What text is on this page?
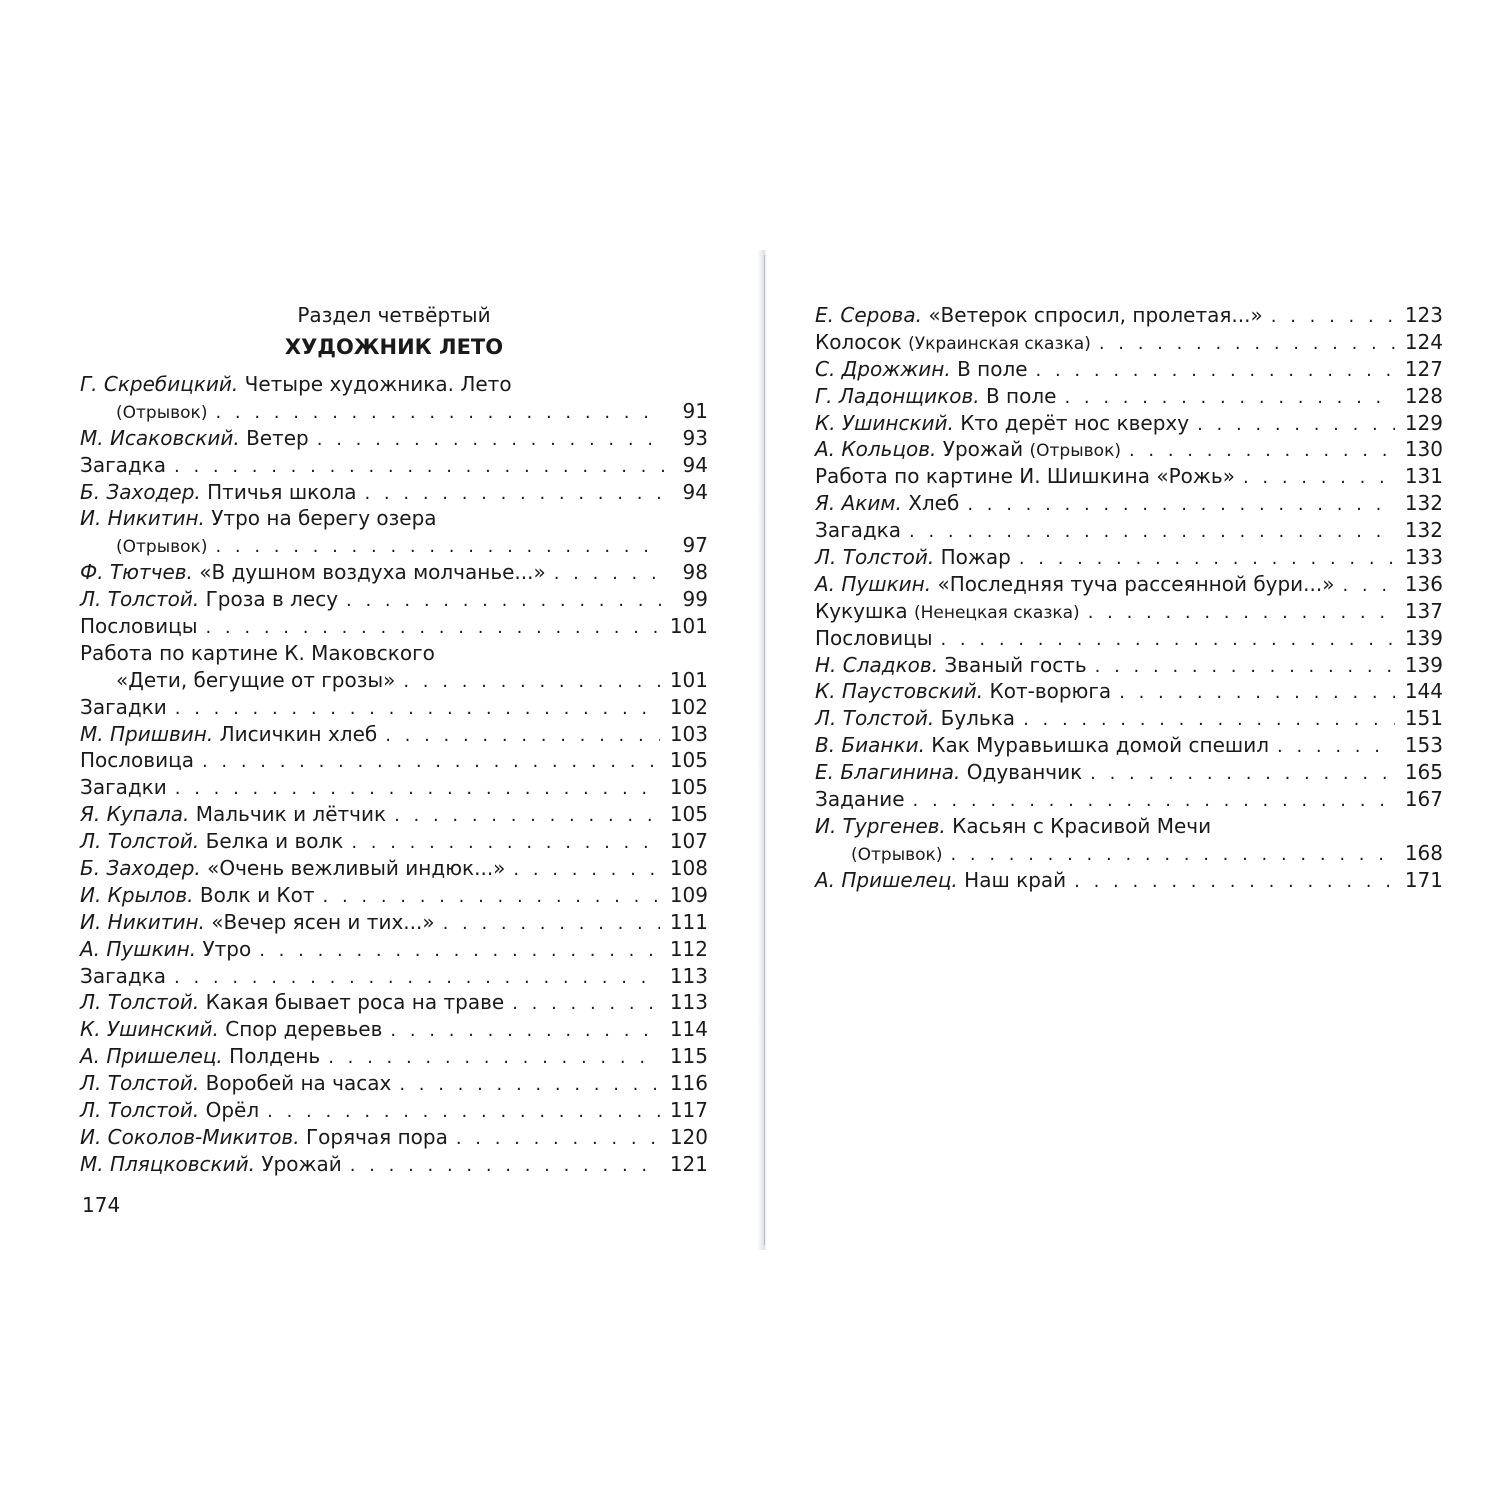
Раздел четвёртый
ХУДОЖНИК ЛЕТО
Г. Скребицкий. Четыре художника. Лето
(Отрывок) . . .	91
М. Исаковский. Ветер . . .	93
Загадка . . .	94
Б. Заходер. Птичья школа . . .	94
И. Никитин. Утро на берегу озера
(Отрывок) . . .	97
Ф. Тютчев. «В душном воздуха молчанье...» . . .	98
Л. Толстой. Гроза в лесу . . .	99
Пословицы . . .	101
Работа по картине К. Маковского
«Дети, бегущие от грозы» . . .	101
Загадки . . .	102
М. Пришвин. Лисичкин хлеб . . .	103
Пословица . . .	105
Загадки . . .	105
Я. Купала. Мальчик и лётчик . . .	105
Л. Толстой. Белка и волк . . .	107
Б. Заходер. «Очень вежливый индюк...» . . .	108
И. Крылов. Волк и Кот . . .	109
И. Никитин. «Вечер ясен и тих...» . . .	111
А. Пушкин. Утро . . .	112
Загадка . . .	113
Л. Толстой. Какая бывает роса на траве . . .	113
К. Ушинский. Спор деревьев . . .	114
А. Пришелец. Полдень . . .	115
Л. Толстой. Воробей на часах . . .	116
Л. Толстой. Орёл . . .	117
И. Соколов-Микитов. Горячая пора . . .	120
М. Пляцковский. Урожай . . .	121
Е. Серова. «Ветерок спросил, пролетая...» . . .	123
Колосок (Украинская сказка) . . .	124
С. Дрожжин. В поле . . .	127
Г. Ладонщиков. В поле . . .	128
К. Ушинский. Кто дерёт нос кверху . . .	129
А. Кольцов. Урожай (Отрывок) . . .	130
Работа по картине И. Шишкина «Рожь» . . .	131
Я. Аким. Хлеб . . .	132
Загадка . . .	132
Л. Толстой. Пожар . . .	133
А. Пушкин. «Последняя туча рассеянной бури...» . . .	136
Кукушка (Ненецкая сказка) . . .	137
Пословицы . . .	139
Н. Сладков. Званый гость . . .	139
К. Паустовский. Кот-ворюга . . .	144
Л. Толстой. Булька . . .	151
В. Бианки. Как Муравьишка домой спешил . . .	153
Е. Благинина. Одуванчик . . .	165
Задание . . .	167
И. Тургенев. Касьян с Красивой Мечи
(Отрывок) . . .	168
А. Пришелец. Наш край . . .	171
174
